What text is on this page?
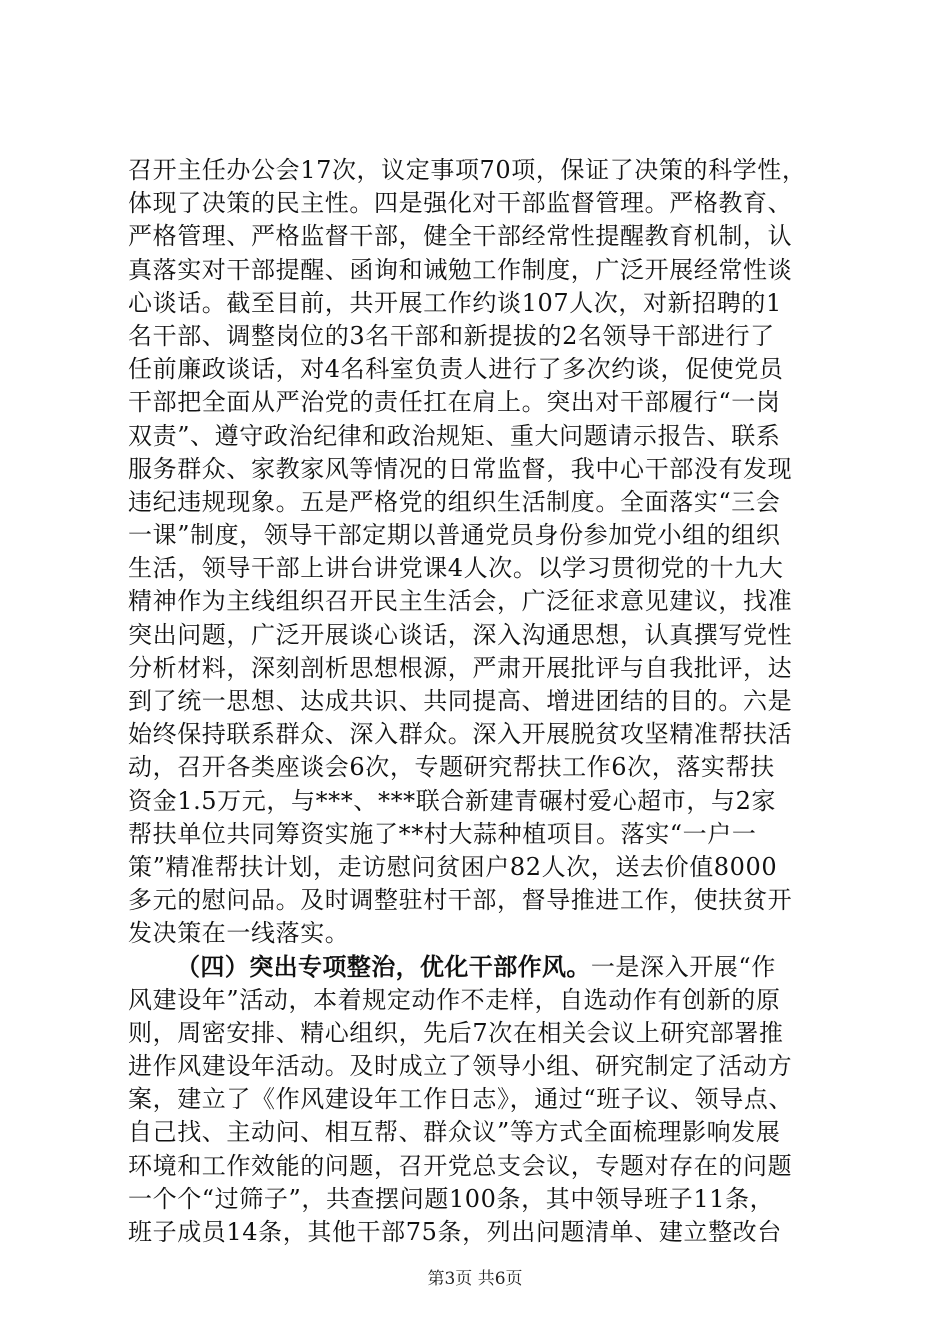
召开主任办公会17次，议定事项70项，保证了决策的科学性，
体现了决策的民主性。四是强化对干部监督管理。严格教育、
严格管理、严格监督干部，健全干部经常性提醒教育机制，认
真落实对干部提醒、函询和诫勉工作制度，广泛开展经常性谈
心谈话。截至目前，共开展工作约谈107人次，对新招聘的1
名干部、调整岗位的3名干部和新提拔的2名领导干部进行了
任前廉政谈话，对4名科室负责人进行了多次约谈，促使党员
干部把全面从严治党的责任扛在肩上。突出对干部履行“一岗
双责”、遵守政治纪律和政治规矩、重大问题请示报告、联系
服务群众、家教家风等情况的日常监督，我中心干部没有发现
违纪违规现象。五是严格党的组织生活制度。全面落实“三会
一课”制度，领导干部定期以普通党员身份参加党小组的组织
生活，领导干部上讲台讲党课4人次。以学习贯彻党的十九大
精神作为主线组织召开民主生活会，广泛征求意见建议，找准
突出问题，广泛开展谈心谈话，深入沟通思想，认真撰写党性
分析材料，深刻剖析思想根源，严肃开展批评与自我批评，达
到了统一思想、达成共识、共同提高、增进团结的目的。六是
始终保持联系群众、深入群众。深入开展脱贫攻坚精准帮扶活
动，召开各类座谈会6次，专题研究帮扶工作6次，落实帮扶
资金1.5万元，与***、***联合新建青碾村爱心超市，与2家
帮扶单位共同筹资实施了**村大蒜种植项目。落实“一户一
策”精准帮扶计划，走访慰问贫困户82人次，送去价值8000
多元的慰问品。及时调整驻村干部，督导推进工作，使扶贫开
发决策在一线落实。
（四）突出专项整治，优化干部作风。一是深入开展“作
风建设年”活动，本着规定动作不走样，自选动作有创新的原
则，周密安排、精心组织，先后7次在相关会议上研究部署推
进作风建设年活动。及时成立了领导小组、研究制定了活动方
案，建立了《作风建设年工作日志》，通过“班子议、领导点、
自己找、主动问、相互帮、群众议”等方式全面梳理影响发展
环境和工作效能的问题，召开党总支会议，专题对存在的问题
一个个“过筛子”，共查摆问题100条，其中领导班子11条，
班子成员14条，其他干部75条，列出问题清单、建立整改台
第3页 共6页
